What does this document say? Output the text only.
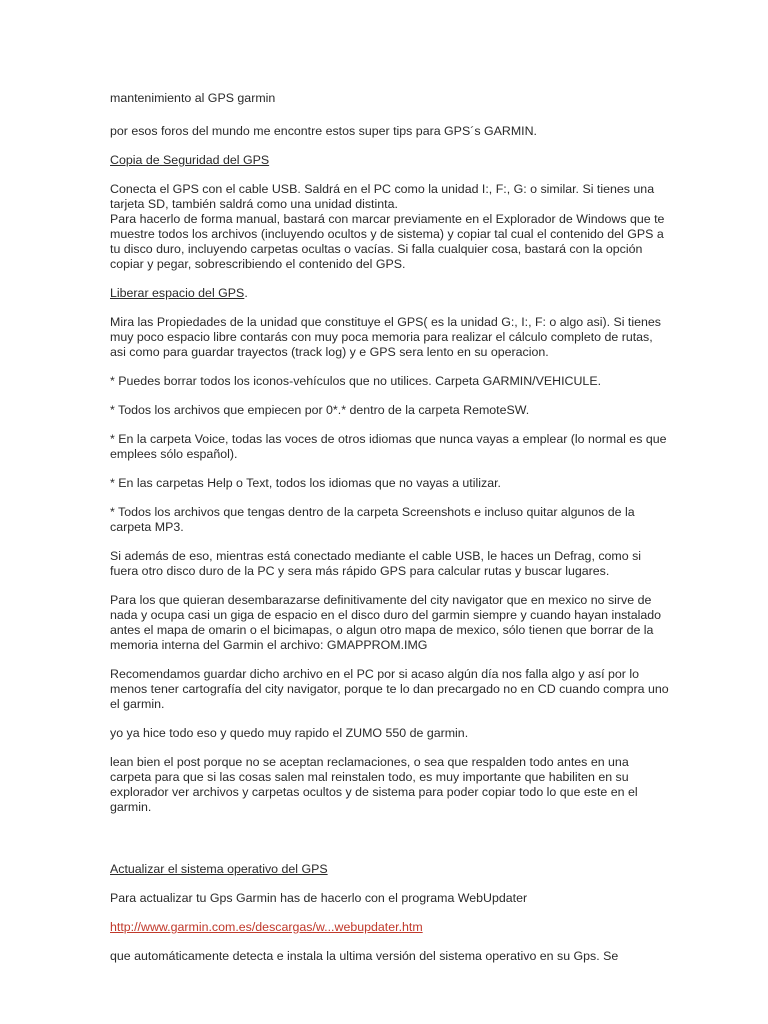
mantenimiento al GPS garmin

por esos foros del mundo me encontre estos super tips para GPS´s GARMIN.

Copia de Seguridad del GPS

Conecta el GPS con el cable USB. Saldrá en el PC como la unidad I:, F:, G: o similar. Si tienes una tarjeta SD, también saldrá como una unidad distinta.

Para hacerlo de forma manual, bastará con marcar previamente en el Explorador de Windows que te muestre todos los archivos (incluyendo ocultos y de sistema) y copiar tal cual el contenido del GPS a tu disco duro, incluyendo carpetas ocultas o vacías. Si falla cualquier cosa, bastará con la opción copiar y pegar, sobrescribiendo el contenido del GPS.

Liberar espacio del GPS.

Mira las Propiedades de la unidad que constituye el GPS( es la unidad G:, I:, F: o algo asi). Si tienes muy poco espacio libre contarás con muy poca memoria para realizar el cálculo completo de rutas, asi como para guardar trayectos (track log) y e GPS sera lento en su operacion.

* Puedes borrar todos los iconos-vehículos que no utilices. Carpeta GARMIN/VEHICULE.

* Todos los archivos que empiecen por 0*.* dentro de la carpeta RemoteSW.

* En la carpeta Voice, todas las voces de otros idiomas que nunca vayas a emplear (lo normal es que emplees sólo español).

* En las carpetas Help o Text, todos los idiomas que no vayas a utilizar.

* Todos los archivos que tengas dentro de la carpeta Screenshots e incluso quitar algunos de la carpeta MP3.

Si además de eso, mientras está conectado mediante el cable USB, le haces un Defrag, como si fuera otro disco duro de la PC y sera más rápido GPS para calcular rutas y buscar lugares.

Para los que quieran desembarazarse definitivamente del city navigator que en mexico no sirve de nada y ocupa casi un giga de espacio en el disco duro del garmin siempre y cuando hayan instalado antes el mapa de omarin o el bicimapas, o algun otro mapa de mexico, sólo tienen que borrar de la memoria interna del Garmin el archivo: GMAPPROM.IMG

Recomendamos guardar dicho archivo en el PC por si acaso algún día nos falla algo y así por lo menos tener cartografía del city navigator, porque te lo dan precargado no en CD cuando compra uno el garmin.

yo ya hice todo eso y quedo muy rapido el ZUMO 550 de garmin.

lean bien el post porque no se aceptan reclamaciones, o sea que respalden todo antes en una carpeta para que si las cosas salen mal reinstalen todo, es muy importante que habiliten en su explorador ver archivos y carpetas ocultos y de sistema para poder copiar todo lo que este en el garmin.

Actualizar el sistema operativo del GPS

Para actualizar tu Gps Garmin has de hacerlo con el programa WebUpdater

http://www.garmin.com.es/descargas/w...webupdater.htm

que automáticamente detecta e instala la ultima versión del sistema operativo en su Gps. Se
